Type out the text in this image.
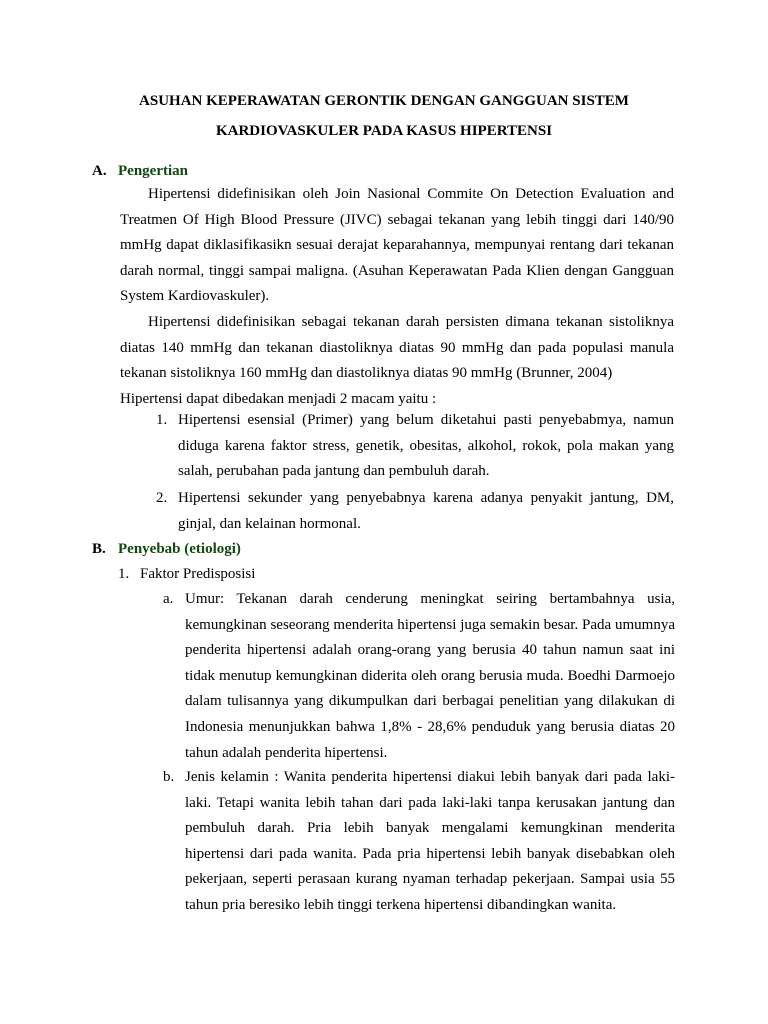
ASUHAN KEPERAWATAN GERONTIK DENGAN GANGGUAN SISTEM
KARDIOVASKULER PADA KASUS HIPERTENSI
A. Pengertian

Hipertensi didefinisikan oleh Join Nasional Commite On Detection Evaluation and Treatmen Of High Blood Pressure (JIVC) sebagai tekanan yang lebih tinggi dari 140/90 mmHg dapat diklasifikasikn sesuai derajat keparahannya, mempunyai rentang dari tekanan darah normal, tinggi sampai maligna. (Asuhan Keperawatan Pada Klien dengan Gangguan System Kardiovaskuler).

Hipertensi didefinisikan sebagai tekanan darah persisten dimana tekanan sistoliknya diatas 140 mmHg dan tekanan diastoliknya diatas 90 mmHg dan pada populasi manula tekanan sistoliknya 160 mmHg dan diastoliknya diatas 90 mmHg (Brunner, 2004)

Hipertensi dapat dibedakan menjadi 2 macam yaitu :

1. Hipertensi esensial (Primer) yang belum diketahui pasti penyebabmya, namun diduga karena faktor stress, genetik, obesitas, alkohol, rokok, pola makan yang salah, perubahan pada jantung dan pembuluh darah.
2. Hipertensi sekunder yang penyebabnya karena adanya penyakit jantung, DM, ginjal, dan kelainan hormonal.
B. Penyebab (etiologi)
1. Faktor Predisposisi
a. Umur: Tekanan darah cenderung meningkat seiring bertambahnya usia, kemungkinan seseorang menderita hipertensi juga semakin besar. Pada umumnya penderita hipertensi adalah orang-orang yang berusia 40 tahun namun saat ini tidak menutup kemungkinan diderita oleh orang berusia muda. Boedhi Darmoejo dalam tulisannya yang dikumpulkan dari berbagai penelitian yang dilakukan di Indonesia menunjukkan bahwa 1,8% - 28,6% penduduk yang berusia diatas 20 tahun adalah penderita hipertensi.
b. Jenis kelamin : Wanita penderita hipertensi diakui lebih banyak dari pada laki-laki. Tetapi wanita lebih tahan dari pada laki-laki tanpa kerusakan jantung dan pembuluh darah. Pria lebih banyak mengalami kemungkinan menderita hipertensi dari pada wanita. Pada pria hipertensi lebih banyak disebabkan oleh pekerjaan, seperti perasaan kurang nyaman terhadap pekerjaan. Sampai usia 55 tahun pria beresiko lebih tinggi terkena hipertensi dibandingkan wanita.
